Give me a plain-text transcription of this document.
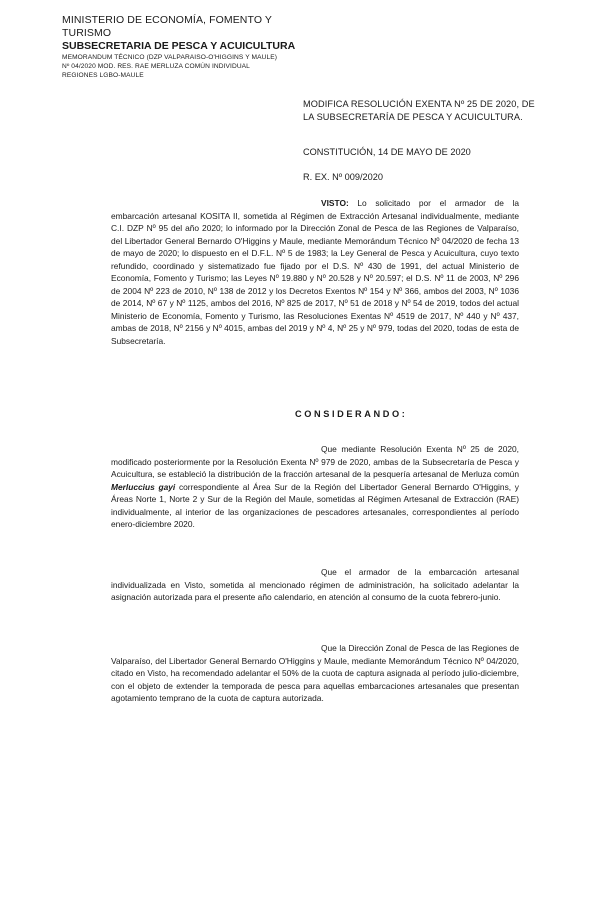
MINISTERIO DE ECONOMÍA, FOMENTO Y TURISMO
SUBSECRETARIA DE PESCA Y ACUICULTURA
MEMORANDUM TÉCNICO (DZP VALPARAISO-O'HIGGINS Y MAULE)
Nº 04/2020 MOD. RES. RAE MERLUZA COMÚN INDIVIDUAL
REGIONES LGBO-MAULE
MODIFICA RESOLUCIÓN EXENTA Nº 25 DE 2020, DE LA SUBSECRETARÍA DE PESCA Y ACUICULTURA.
CONSTITUCIÓN, 14 DE MAYO DE 2020
R. EX. Nº 009/2020
VISTO: Lo solicitado por el armador de la embarcación artesanal KOSITA II, sometida al Régimen de Extracción Artesanal individualmente, mediante C.I. DZP Nº 95 del año 2020; lo informado por la Dirección Zonal de Pesca de las Regiones de Valparaíso, del Libertador General Bernardo O'Higgins y Maule, mediante Memorándum Técnico Nº 04/2020 de fecha 13 de mayo de 2020; lo dispuesto en el D.F.L. Nº 5 de 1983; la Ley General de Pesca y Acuicultura, cuyo texto refundido, coordinado y sistematizado fue fijado por el D.S. Nº 430 de 1991, del actual Ministerio de Economía, Fomento y Turismo; las Leyes Nº 19.880 y Nº 20.528 y Nº 20.597; el D.S. Nº 11 de 2003, Nº 296 de 2004 Nº 223 de 2010, Nº 138 de 2012 y los Decretos Exentos Nº 154 y Nº 366, ambos del 2003, Nº 1036 de 2014, Nº 67 y Nº 1125, ambos del 2016, Nº 825 de 2017, Nº 51 de 2018 y Nº 54 de 2019, todos del actual Ministerio de Economía, Fomento y Turismo, las Resoluciones Exentas Nº 4519 de 2017, Nº 440 y Nº 437, ambas de 2018, Nº 2156 y Nº 4015, ambas del 2019 y Nº 4, Nº 25 y Nº 979, todas del 2020, todas de esta de Subsecretaría.
CONSIDERANDO:
Que mediante Resolución Exenta Nº 25 de 2020, modificado posteriormente por la Resolución Exenta Nº 979 de 2020, ambas de la Subsecretaría de Pesca y Acuicultura, se estableció la distribución de la fracción artesanal de la pesquería artesanal de Merluza común Merluccius gayi correspondiente al Área Sur de la Región del Libertador General Bernardo O'Higgins, y Áreas Norte 1, Norte 2 y Sur de la Región del Maule, sometidas al Régimen Artesanal de Extracción (RAE) individualmente, al interior de las organizaciones de pescadores artesanales, correspondientes al período enero-diciembre 2020.
Que el armador de la embarcación artesanal individualizada en Visto, sometida al mencionado régimen de administración, ha solicitado adelantar la asignación autorizada para el presente año calendario, en atención al consumo de la cuota febrero-junio.
Que la Dirección Zonal de Pesca de las Regiones de Valparaíso, del Libertador General Bernardo O'Higgins y Maule, mediante Memorándum Técnico Nº 04/2020, citado en Visto, ha recomendado adelantar el 50% de la cuota de captura asignada al período julio-diciembre, con el objeto de extender la temporada de pesca para aquellas embarcaciones artesanales que presentan agotamiento temprano de la cuota de captura autorizada.
